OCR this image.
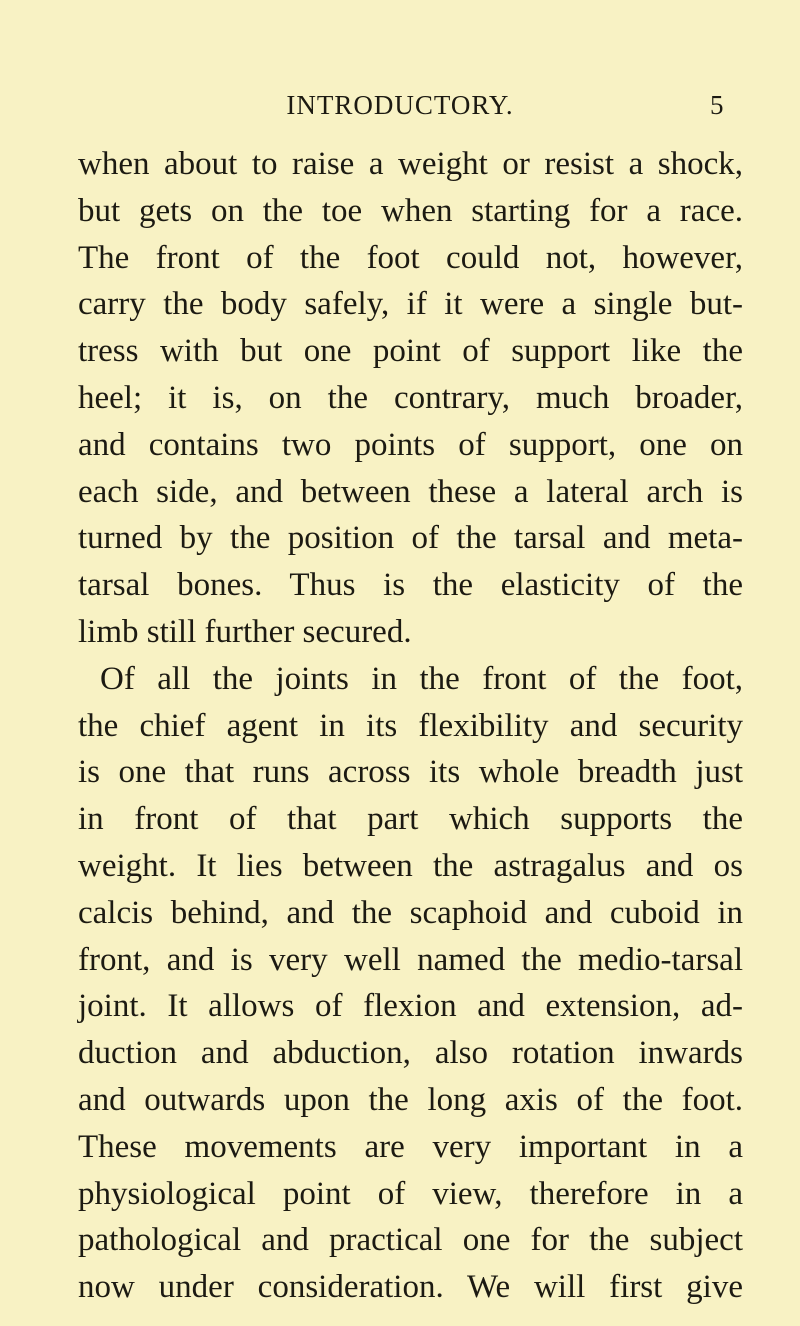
INTRODUCTORY.	5
when about to raise a weight or resist a shock,
but gets on the toe when starting for a race.
The front of the foot could not, however,
carry the body safely, if it were a single but-
tress with but one point of support like the
heel; it is, on the contrary, much broader,
and contains two points of support, one on
each side, and between these a lateral arch is
turned by the position of the tarsal and meta-
tarsal bones. Thus is the elasticity of the
limb still further secured.
Of all the joints in the front of the foot,
the chief agent in its flexibility and security
is one that runs across its whole breadth just
in front of that part which supports the
weight. It lies between the astragalus and os
calcis behind, and the scaphoid and cuboid in
front, and is very well named the medio-tarsal
joint. It allows of flexion and extension, ad-
duction and abduction, also rotation inwards
and outwards upon the long axis of the foot.
These movements are very important in a
physiological point of view, therefore in a
pathological and practical one for the subject
now under consideration. We will first give
